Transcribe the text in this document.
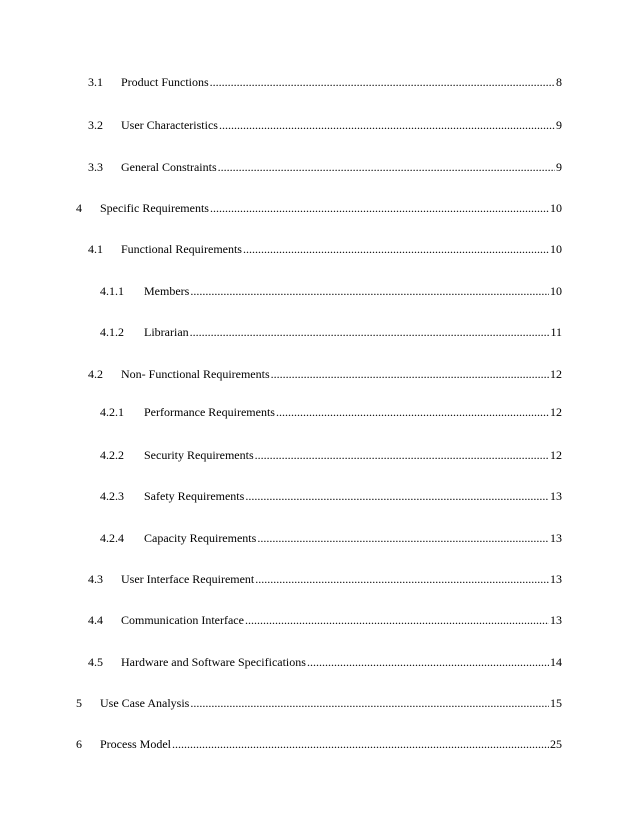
3.1	Product Functions .....	8
3.2	User Characteristics .....	9
3.3	General Constraints .....	9
4	Specific Requirements .....	10
4.1	Functional Requirements .....	10
4.1.1	Members .....	10
4.1.2	Librarian .....	11
4.2	Non- Functional Requirements .....	12
4.2.1	Performance Requirements .....	12
4.2.2	Security Requirements .....	12
4.2.3	Safety Requirements .....	13
4.2.4	Capacity Requirements .....	13
4.3	User Interface Requirement .....	13
4.4	Communication Interface .....	13
4.5	Hardware and Software Specifications .....	14
5	Use Case Analysis .....	15
6	Process Model .....	25
